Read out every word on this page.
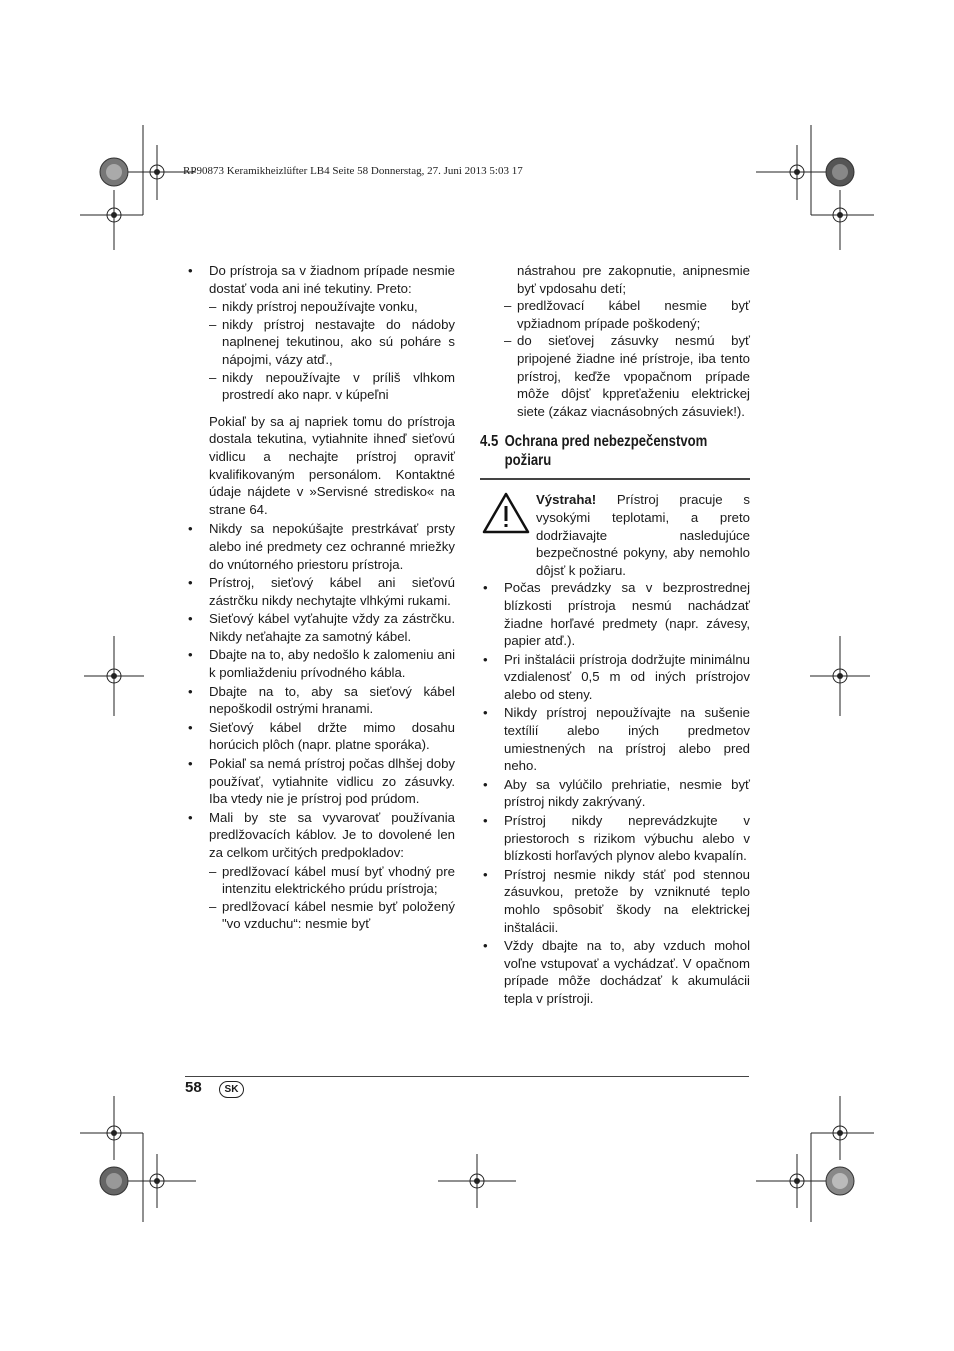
RP90873 Keramikheizlüfter LB4 Seite 58 Donnerstag, 27. Juni 2013 5:03 17
• Do prístroja sa v žiadnom prípade nesmie dostať voda ani iné tekutiny. Preto:
– nikdy prístroj nepoužívajte vonku,
– nikdy prístroj nestavajte do nádoby naplnenej tekutinou, ako sú poháre s nápojmi, vázy atď.,
– nikdy nepoužívajte v príliš vlhkom prostredí ako napr. v kúpeľni
Pokiaľ by sa aj napriek tomu do prístroja dostala tekutina, vytiahnite ihneď sieťovú vidlicu a nechajte prístroj opraviť kvalifikovaným personálom. Kontaktné údaje nájdete v »Servisné stredisko« na strane 64.
• Nikdy sa nepokúšajte prestrkávať prsty alebo iné predmety cez ochranné mriežky do vnútorného priestoru prístroja.
• Prístroj, sieťový kábel ani sieťovú zástrčku nikdy nechytajte vlhkými rukami.
• Sieťový kábel vyťahujte vždy za zástrčku. Nikdy neťahajte za samotný kábel.
• Dbajte na to, aby nedošlo k zalomeniu ani k pomliaždeniu prívodného kábla.
• Dbajte na to, aby sa sieťový kábel nepoškodil ostrými hranami.
• Sieťový kábel držte mimo dosahu horúcich plôch (napr. platne sporáka).
• Pokiaľ sa nemá prístroj počas dlhšej doby používať, vytiahnite vidlicu zo zásuvky. Iba vtedy nie je prístroj pod prúdom.
• Mali by ste sa vyvarovať používania predlžovacích káblov. Je to dovolené len za celkom určitých predpokladov:
– predlžovací kábel musí byť vhodný pre intenzitu elektrického prúdu prístroja;
– predlžovací kábel nesmie byť položený "vo vzduchu“: nesmie byť
nástrahou pre zakopnutie, anipnesmie byť vpdosahu detí;
– predlžovací kábel nesmie byť vpžiadnom prípade poškodený;
– do sieťovej zásuvky nesmú byť pripojené žiadne iné prístroje, iba tento prístroj, keďže vpopačnom prípade môže dôjsť kppreťaženiu elektrickej siete (zákaz viacnásobných zásuviek!).
4.5 Ochrana pred nebezpečenstvom
požiaru
Výstraha! Prístroj pracuje s vysokými teplotami, a preto dodržiavajte nasledujúce bezpečnostné pokyny, aby nemohlo dôjsť k požiaru.
• Počas prevádzky sa v bezprostrednej blízkosti prístroja nesmú nachádzať žiadne horľavé predmety (napr. závesy, papier atď.).
• Pri inštalácii prístroja dodržujte minimálnu vzdialenosť 0,5 m od iných prístrojov alebo od steny.
• Nikdy prístroj nepoužívajte na sušenie textílií alebo iných predmetov umiestnených na prístroj alebo pred neho.
• Aby sa vylúčilo prehriatie, nesmie byť prístroj nikdy zakrývaný.
• Prístroj nikdy neprevádzkujte v priestoroch s rizikom výbuchu alebo v blízkosti horľavých plynov alebo kvapalín.
• Prístroj nesmie nikdy stáť pod stennou zásuvkou, pretože by vzniknuté teplo mohlo spôsobiť škody na elektrickej inštalácii.
• Vždy dbajte na to, aby vzduch mohol voľne vstupovať a vychádzať. V opačnom prípade môže dochádzať k akumulácii tepla v prístroji.
58	SK
